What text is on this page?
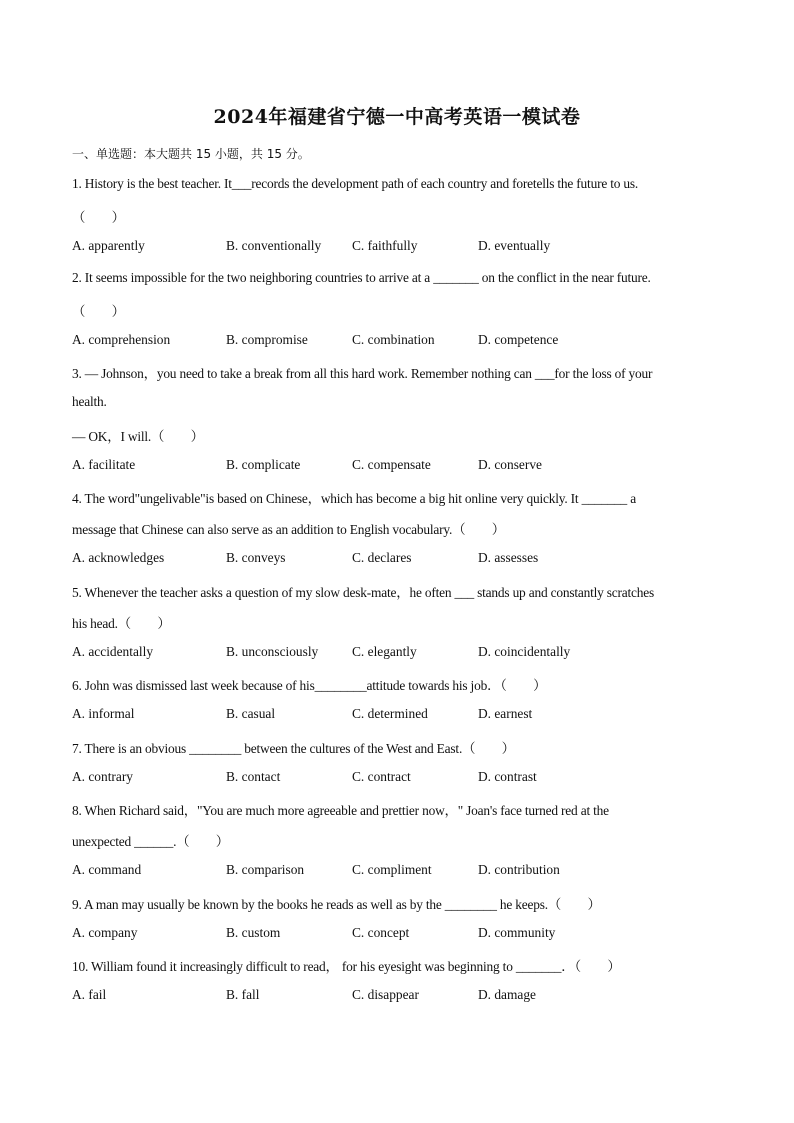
2024年福建省宁德一中高考英语一模试卷
一、单选题：本大题共 15 小题，共 15 分。
1. History is the best teacher. It___records the development path of each country and foretells the future to us.
（　　）
A. apparently	B. conventionally C. faithfully	D. eventually
2. It seems impossible for the two neighboring countries to arrive at a _______ on the conflict in the near future.
（　　）
A. comprehension	B. compromise	C. combination	D. competence
3. — Johnson，you need to take a break from all this hard work. Remember nothing can ___for the loss of your
health.
— OK，I will.（　　）
A. facilitate	B. complicate	C. compensate	D. conserve
4. The word"ungelivable"is based on Chinese，which has become a big hit online very quickly. It _______ a
message that Chinese can also serve as an addition to English vocabulary.（　　）
A. acknowledges	B. conveys	C. declares	D. assesses
5. Whenever the teacher asks a question of my slow desk-mate，he often ___ stands up and constantly scratches
his head.（　　）
A. accidentally	B. unconsciously	C. elegantly	D. coincidentally
6. John was dismissed last week because of his________attitude towards his job．（　　）
A. informal	B. casual	C. determined	D. earnest
7. There is an obvious ________ between the cultures of the West and East.（　　）
A. contrary	B. contact	C. contract	D. contrast
8. When Richard said，"You are much more agreeable and prettier now，" Joan's face turned red at the
unexpected ______.（　　）
A. command	B. comparison	C. compliment	D. contribution
9. A man may usually be known by the books he reads as well as by the ________ he keeps.（　　）
A. company	B. custom	C. concept	D. community
10. William found it increasingly difficult to read， for his eyesight was beginning to _______．（　　）
A. fail	B. fall	C. disappear	D. damage
